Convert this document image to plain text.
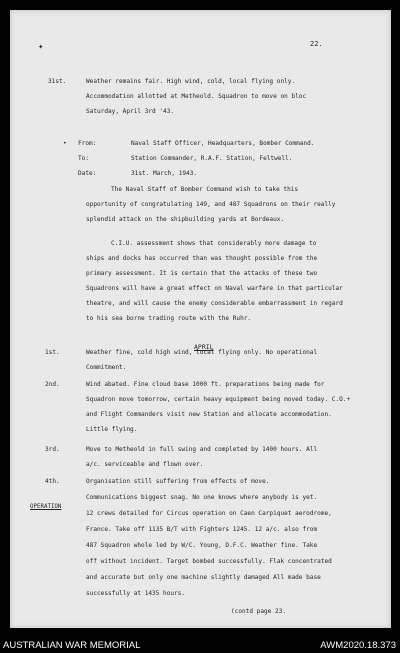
✦	22.
31st.	Weather remains fair. High wind, cold, local flying only.
Accommodation allotted at Metheold. Squadron to move on bloc
Saturday, April 3rd '43.
• From:	Naval Staff Officer, Headquarters, Bomber Command.
To:	Station Commander, R.A.F. Station, Feltwell.
Date:	31st. March, 1943.
The Naval Staff of Bomber Command wish to take this
opportunity of congratulating 149, and 487 Squadrons on their really
splendid attack on the shipbuilding yards at Bordeaux.
C.I.U. assessment shows that considerably more damage to
ships and docks has occurred than was thought possible from the
primary assessment. It is certain that the attacks of these two
Squadrons will have a great effect on Naval warfare in that particular
theatre, and will cause the enemy considerable embarrassment in regard
to his sea borne trading route with the Ruhr.
APRIL
1st.	Weather fine, cold high wind, local flying only. No operational
Commitment.
2nd.	Wind abated. Fine cloud base 1000 ft. preparations being made for
Squadron move tomorrow, certain heavy equipment being moved today. C.O.+
and Flight Commanders visit new Station and allocate accommodation.
Little flying.
3rd.	Move to Metheold in full swing and completed by 1400 hours. All
a/c. serviceable and flown over.
4th.	Organisation still suffering from effects of move.
OPERATION
Communications biggest snag. No one knows where anybody is yet.
12 crews detailed for Circus operation on Caen Carpiquet aerodrome,
France. Take off 1135 B/T with Fighters 1245. 12 a/c. also from
487 Squadron whole led by W/C. Young, D.F.C. Weather fine. Take
off without incident. Target bombed successfully. Flak concentrated
and accurate but only one machine slightly damaged All made base
successfully at 1435 hours.
(contd page 23.
AUSTRALIAN WAR MEMORIAL	AWM2020.18.373
